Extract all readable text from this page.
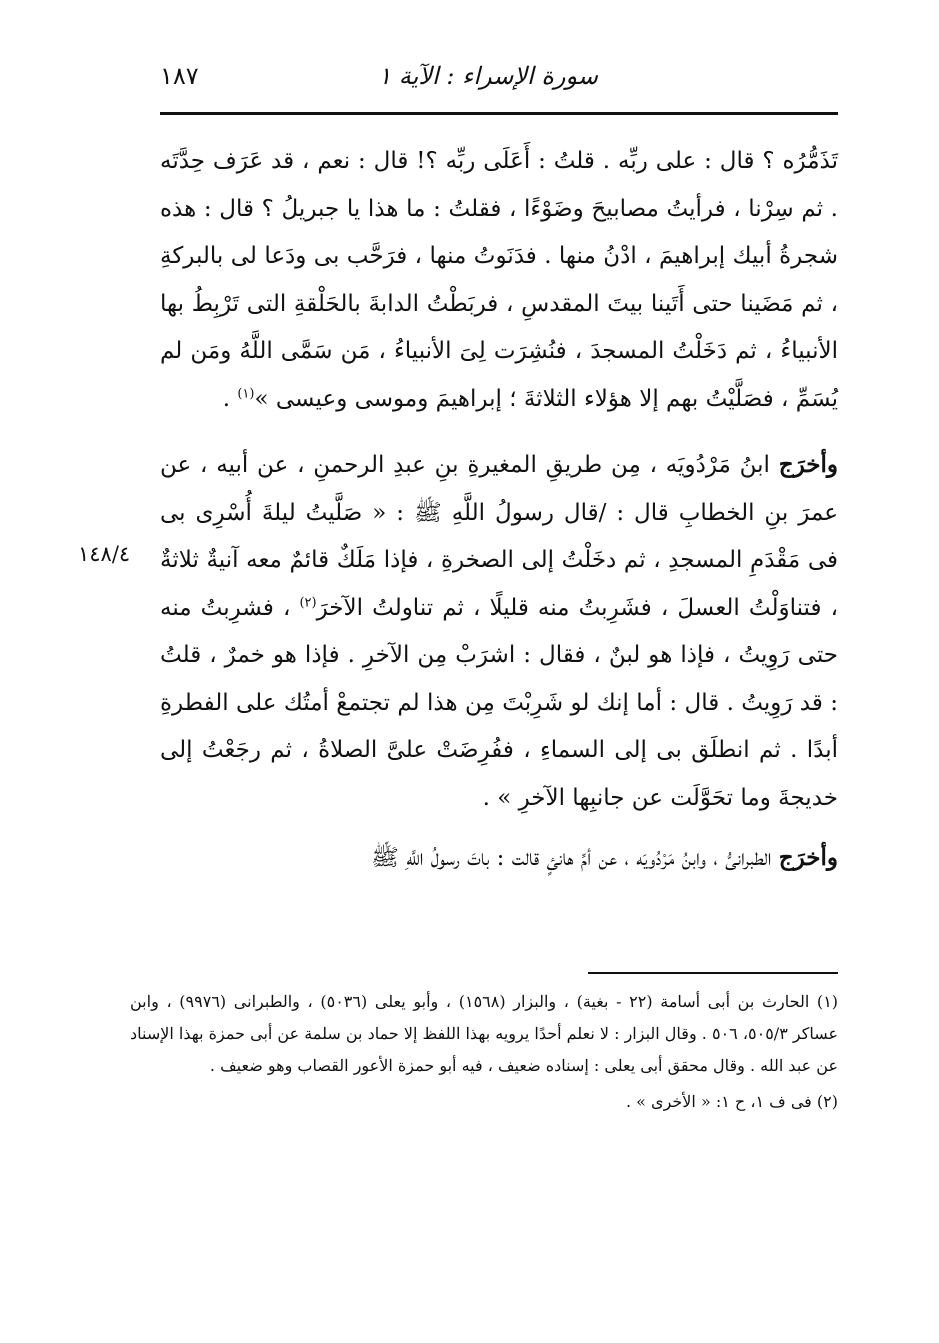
سورة الإسراء : الآية ١
١٨٧
١٤٨/٤

تَذَمُّرُه ؟ قال : على ربِّه . قلتُ : أَعَلَى ربِّه ؟! قال : نعم ، قد عَرَف حِدَّتَه . ثم سِرْنا ، فرأيتُ مصابيحَ وضَوْءًا ، فقلتُ : ما هذا يا جبريلُ ؟ قال : هذه شجرةُ أبيك إبراهيمَ ، ادْنُ منها . فدَنَوتُ منها ، فرَحَّب بى ودَعا لى بالبركةِ ، ثم مَضَينا حتى أَتَينا بيتَ المقدسِ ، فربَطْتُ الدابةَ بالحَلْقةِ التى تَرْبِطُ بها الأنبياءُ ، ثم دَخَلْتُ المسجدَ ، فنُشِرَت لِىَ الأنبياءُ ، مَن سَمَّى اللَّهُ ومَن لم يُسَمِّ ، فصَلَّيْتُ بهم إلا هؤلاء الثلاثةَ ؛ إبراهيمَ وموسى وعيسى »$^{(١)}$ .

وأخرَج ابنُ مَرْدُويَه ، مِن طريقِ المغيرةِ بنِ عبدِ الرحمنِ ، عن أبيه ، عن عمرَ بنِ الخطابِ قال : /قال رسولُ اللَّهِ ﷺ : « صَلَّيتُ ليلةَ أُسْرِى بى فى مَقْدَمِ المسجدِ ، ثم دخَلْتُ إلى الصخرةِ ، فإذا مَلَكٌ قائمٌ معه آنيةٌ ثلاثةٌ ، فتناوَلْتُ العسلَ ، فشَرِبتُ منه قليلًا ، ثم تناولتُ الآخرَ$^{(٢)}$ ، فشرِبتُ منه حتى رَوِيتُ ، فإذا هو لبنٌ ، فقال : اشرَبْ مِن الآخرِ . فإذا هو خمرٌ ، قلتُ : قد رَوِيتُ . قال : أما إنك لو شَرِبْتَ مِن هذا لم تجتمعْ أمتُك على الفطرةِ أبدًا . ثم انطلَق بى إلى السماءِ ، ففُرِضَتْ علىَّ الصلاةُ ، ثم رجَعْتُ إلى خديجةَ وما تحَوَّلَت عن جانبِها الآخرِ » .

وأخرَج الطبرانىُّ ، وابنُ مَرْدُويَه ، عن أمِّ هانئٍ قالت : باتَ رسولُ اللَّهِ ﷺ

(١) الحارث بن أبى أسامة (٢٢ - بغية) ، والبزار (١٥٦٨) ، وأبو يعلى (٥٠٣٦) ، والطبرانى (٩٩٧٦) ، وابن عساكر ٥٠٥/٣، ٥٠٦ . وقال البزار : لا نعلم أحدًا يرويه بهذا اللفظ إلا حماد بن سلمة عن أبى حمزة بهذا الإسناد عن عبد الله . وقال محقق أبى يعلى : إسناده ضعيف ، فيه أبو حمزة الأعور القصاب وهو ضعيف .

(٢) فى ف ١، ح ١: « الأخرى » .
